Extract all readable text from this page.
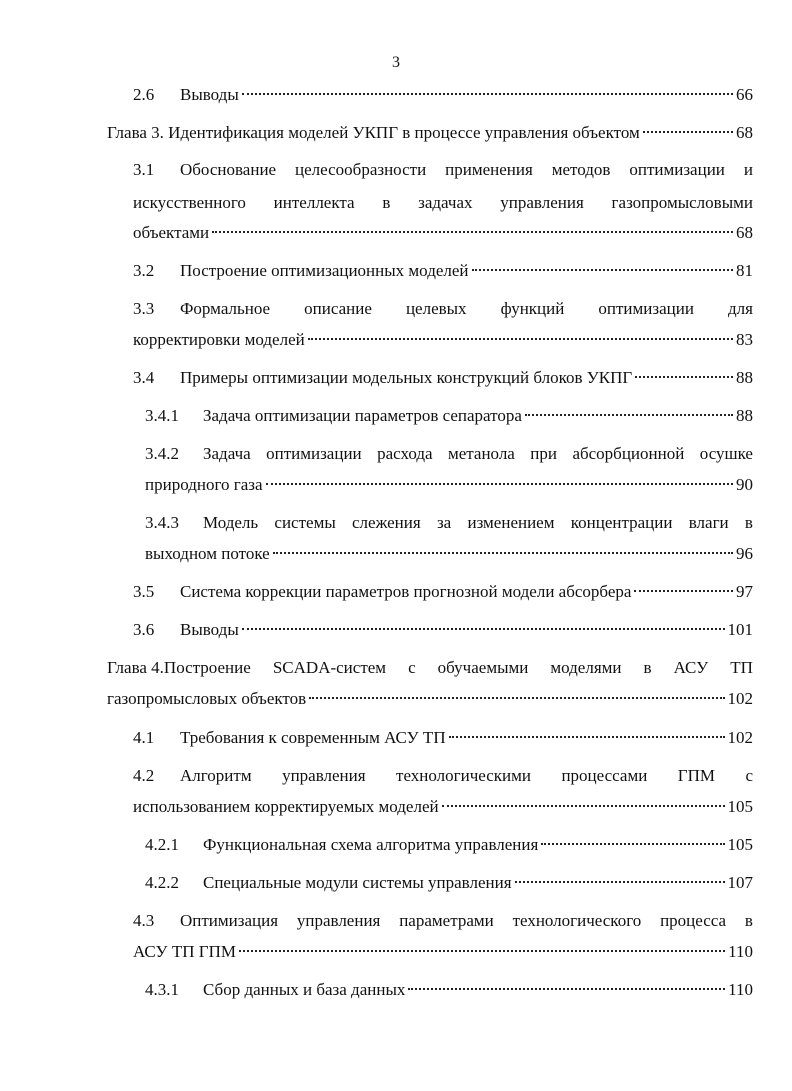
3
2.6	Выводы	66
Глава 3. Идентификация моделей УКПГ в процессе управления объектом	68
3.1	Обоснование целесообразности применения методов оптимизации и
искусственного интеллекта в задачах управления газопромысловыми
объектами	68
3.2	Построение оптимизационных моделей	81
3.3	Формальное описание целевых функций оптимизации для
корректировки моделей	83
3.4	Примеры оптимизации модельных конструкций блоков УКПГ	88
3.4.1	Задача оптимизации параметров сепаратора	88
3.4.2	Задача оптимизации расхода метанола при абсорбционной осушке
природного газа	90
3.4.3	Модель системы слежения за изменением концентрации влаги в
выходном потоке	96
3.5	Система коррекции параметров прогнозной модели абсорбера	97
3.6	Выводы	101
Глава 4.Построение SCADA-систем с обучаемыми моделями в АСУ ТП
газопромысловых объектов	102
4.1	Требования к современным АСУ ТП	102
4.2	Алгоритм управления технологическими процессами ГПМ с
использованием корректируемых моделей	105
4.2.1	Функциональная схема алгоритма управления	105
4.2.2	Специальные модули системы управления	107
4.3	Оптимизация управления параметрами технологического процесса в
АСУ ТП ГПМ	110
4.3.1	Сбор данных и база данных	110
